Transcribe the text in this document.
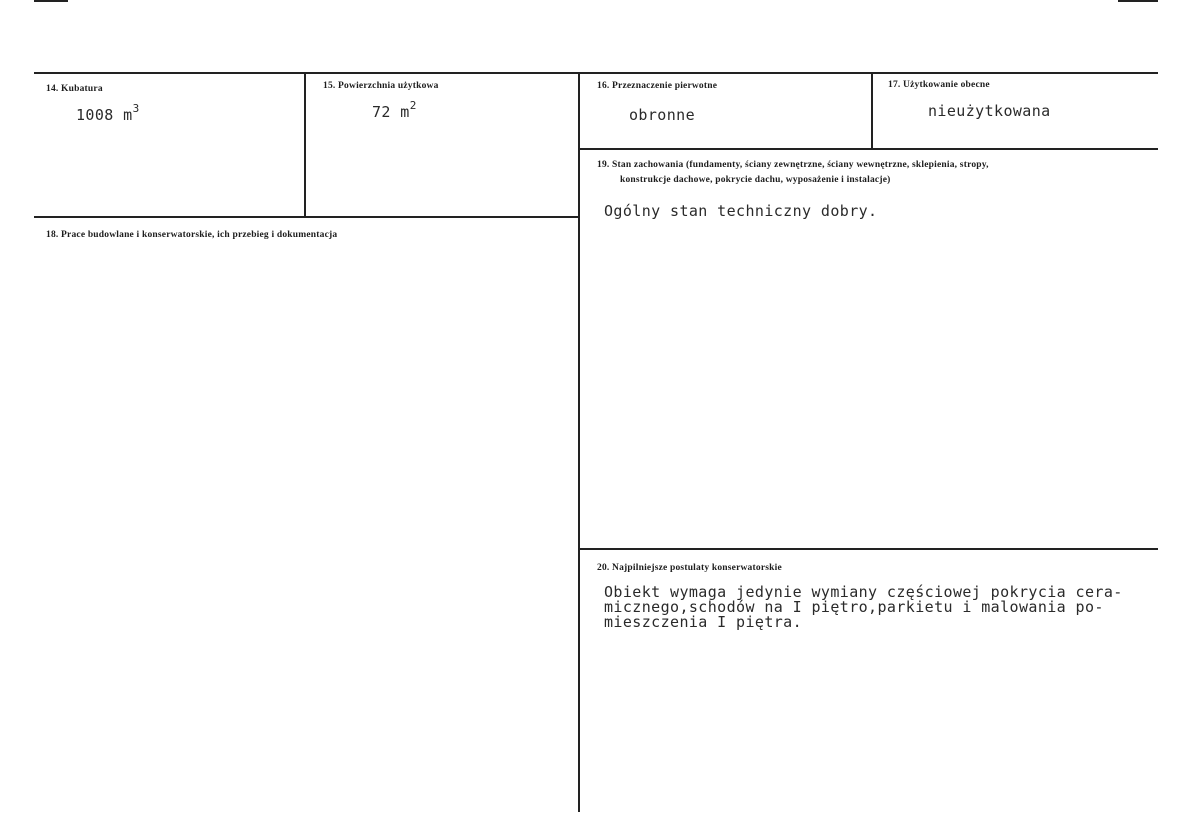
14. Kubatura
1008 $m^3$
15. Powierzchnia użytkowa
72 $m^2$
16. Przeznaczenie pierwotne
obronne
17. Użytkowanie obecne
nieużytkowana
19. Stan zachowania (fundamenty, ściany zewnętrzne, ściany wewnętrzne, sklepienia, stropy,
konstrukcje dachowe, pokrycie dachu, wyposażenie i instalacje)
Ogólny stan techniczny dobry.
18. Prace budowlane i konserwatorskie, ich przebieg i dokumentacja
20. Najpilniejsze postulaty konserwatorskie
Obiekt wymaga jedynie wymiany częściowej pokrycia cera-
micznego,schodów na I piętro,parkietu i malowania po-
mieszczenia I piętra.
